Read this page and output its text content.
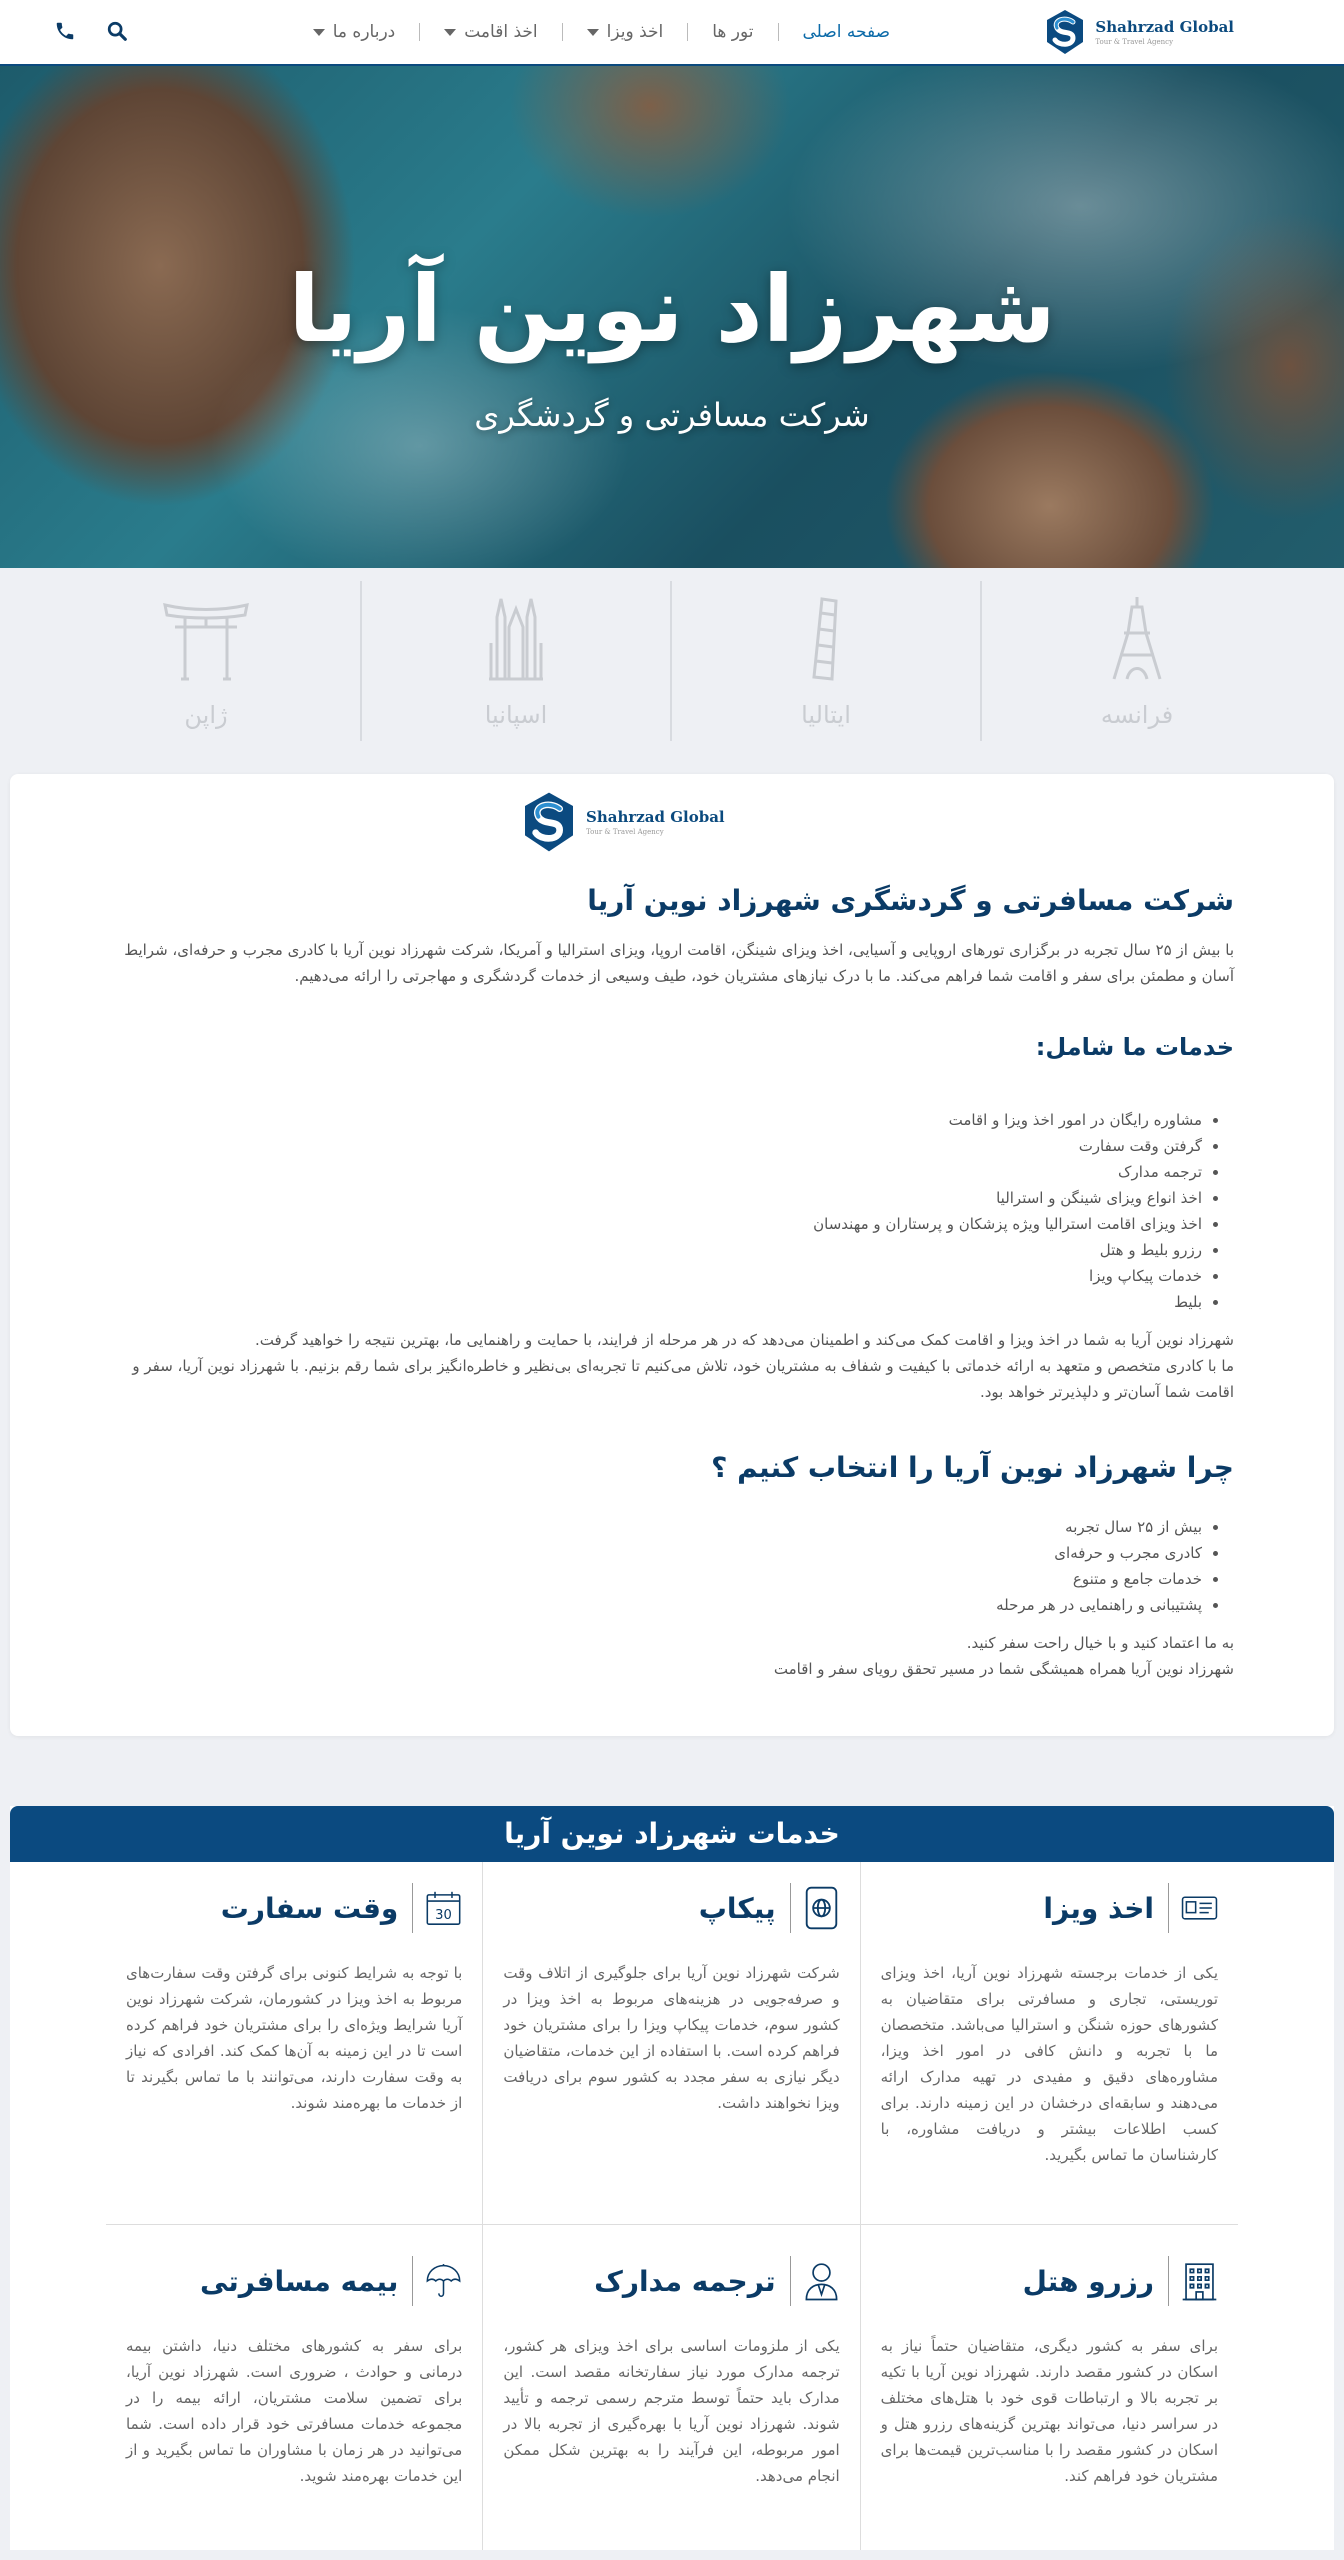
Shahrzad Global
Tour & Travel Agency
صفحه اصلی
تور ها
اخذ ویزا
اخذ اقامت
درباره ما
شهرزاد نوین آریا
شرکت مسافرتی و گردشگری
فرانسه
ایتالیا
اسپانیا
ژاپن
Shahrzad Global
Tour & Travel Agency
شرکت مسافرتی و گردشگری شهرزاد نوین آریا

با بیش از ۲۵ سال تجربه در برگزاری تورهای اروپایی و آسیایی، اخذ ویزای شینگن، اقامت اروپا، ویزای استرالیا و آمریکا، شرکت شهرزاد نوین آریا با کادری مجرب و حرفه‌ای، شرایط آسان و مطمئن برای سفر و اقامت شما فراهم می‌کند. ما با درک نیازهای مشتریان خود، طیف وسیعی از خدمات گردشگری و مهاجرتی را ارائه می‌دهیم.

خدمات ما شامل:
• مشاوره رایگان در امور اخذ ویزا و اقامت
• گرفتن وقت سفارت
• ترجمه مدارک
• اخذ انواع ویزای شینگن و استرالیا
• اخذ ویزای اقامت استرالیا ویژه پزشکان و پرستاران و مهندسان
• رزرو بلیط و هتل
• خدمات پیکاپ ویزا
• بلیط

شهرزاد نوین آریا به شما در اخذ ویزا و اقامت کمک می‌کند و اطمینان می‌دهد که در هر مرحله از فرایند، با حمایت و راهنمایی ما، بهترین نتیجه را خواهید گرفت.

ما با کادری متخصص و متعهد به ارائه خدماتی با کیفیت و شفاف به مشتریان خود، تلاش می‌کنیم تا تجربه‌ای بی‌نظیر و خاطره‌انگیز برای شما رقم بزنیم. با شهرزاد نوین آریا، سفر و اقامت شما آسان‌تر و دلپذیرتر خواهد بود.

چرا شهرزاد نوین آریا را انتخاب کنیم ؟
• بیش از ۲۵ سال تجربه
• کادری مجرب و حرفه‌ای
• خدمات جامع و متنوع
• پشتیبانی و راهنمایی در هر مرحله

به ما اعتماد کنید و با خیال راحت سفر کنید.

شهرزاد نوین آریا همراه همیشگی شما در مسیر تحقق رویای سفر و اقامت

خدمات شهرزاد نوین آریا
اخذ ویزا

یکی از خدمات برجسته شهرزاد نوین آریا، اخذ ویزای توریستی، تجاری و مسافرتی برای متقاضیان به کشورهای حوزه شنگن و استرالیا می‌باشد. متخصصان ما با تجربه و دانش کافی در امور اخذ ویزا، مشاوره‌های دقیق و مفیدی در تهیه مدارک ارائه می‌دهند و سابقه‌ای درخشان در این زمینه دارند. برای کسب اطلاعات بیشتر و دریافت مشاوره، با کارشناسان ما تماس بگیرید.

پیکاپ

شرکت شهرزاد نوین آریا برای جلوگیری از اتلاف وقت و صرفه‌جویی در هزینه‌های مربوط به اخذ ویزا در کشور سوم، خدمات پیکاپ ویزا را برای مشتریان خود فراهم کرده است. با استفاده از این خدمات، متقاضیان دیگر نیازی به سفر مجدد به کشور سوم برای دریافت ویزا نخواهند داشت.

30
وقت سفارت

با توجه به شرایط کنونی برای گرفتن وقت سفارت‌های مربوط به اخذ ویزا در کشورمان، شرکت شهرزاد نوین آریا شرایط ویژه‌ای را برای مشتریان خود فراهم کرده است تا در این زمینه به آن‌ها کمک کند. افرادی که نیاز به وقت سفارت دارند، می‌توانند با ما تماس بگیرند تا از خدمات ما بهره‌مند شوند.

رزرو هتل

برای سفر به کشور دیگری، متقاضیان حتماً نیاز به اسکان در کشور مقصد دارند. شهرزاد نوین آریا با تکیه بر تجربه بالا و ارتباطات قوی خود با هتل‌های مختلف در سراسر دنیا، می‌تواند بهترین گزینه‌های رزرو هتل و اسکان در کشور مقصد را با مناسب‌ترین قیمت‌ها برای مشتریان خود فراهم کند.

ترجمه مدارک

یکی از ملزومات اساسی برای اخذ ویزای هر کشور، ترجمه مدارک مورد نیاز سفارتخانه مقصد است. این مدارک باید حتماً توسط مترجم رسمی ترجمه و تأیید شوند. شهرزاد نوین آریا با بهره‌گیری از تجربه بالا در امور مربوطه، این فرآیند را به بهترین شکل ممکن انجام می‌دهد.

بیمه مسافرتی

برای سفر به کشورهای مختلف دنیا، داشتن بیمه درمانی و حوادث ، ضروری است. شهرزاد نوین آریا، برای تضمین سلامت مشتریان، ارائه بیمه را در مجموعه خدمات مسافرتی خود قرار داده است. شما می‌توانید در هر زمان با مشاوران ما تماس بگیرید و از این خدمات بهره‌مند شوید.
